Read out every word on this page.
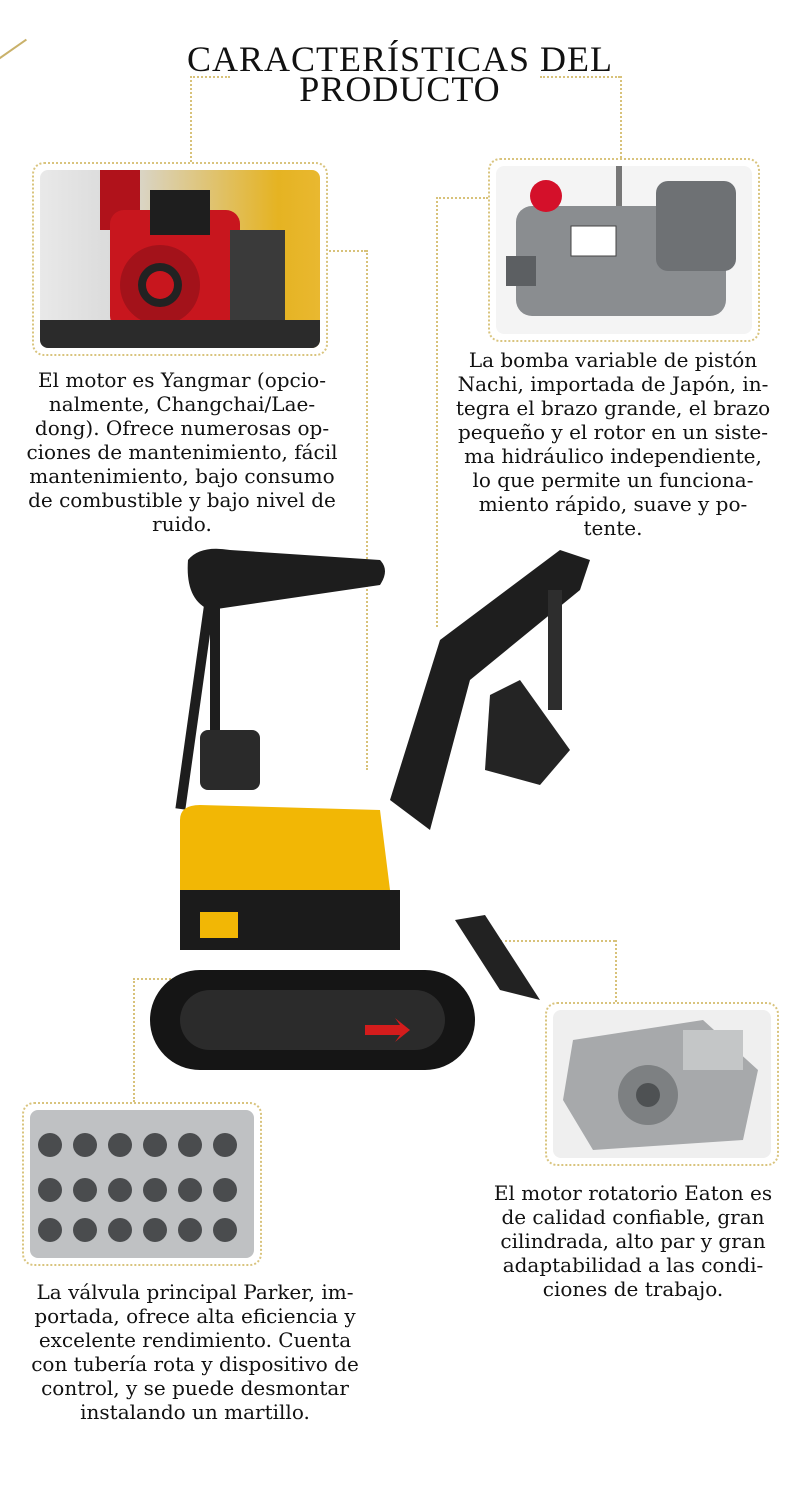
CARACTERÍSTICAS DEL
PRODUCTO
El motor es Yangmar (opcio-nalmente, Changchai/Lae-dong). Ofrece numerosas op-ciones de mantenimiento, fácil mantenimiento, bajo consumo de combustible y bajo nivel de ruido.
La bomba variable de pistón Nachi, importada de Japón, in-tegra el brazo grande, el brazo pequeño y el rotor en un siste-ma hidráulico independiente, lo que permite un funciona-miento rápido, suave y po-tente.
El motor rotatorio Eaton es de calidad confiable, gran cilindrada, alto par y gran adaptabilidad a las condi-ciones de trabajo.
La válvula principal Parker, im-portada, ofrece alta eficiencia y excelente rendimiento. Cuenta con tubería rota y dispositivo de control, y se puede desmontar instalando un martillo.
